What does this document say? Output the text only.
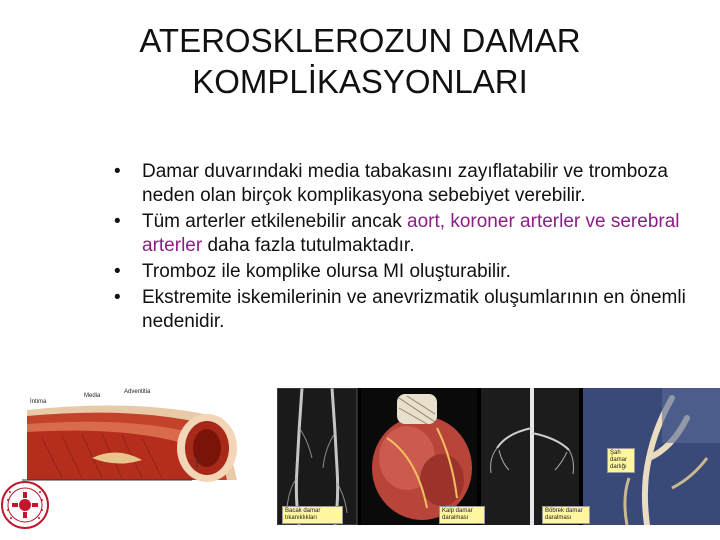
ATEROSKLEROZUN DAMAR
KOMPLİKASYONLARI
• Damar duvarındaki media tabakasını zayıflatabilir ve tromboza neden olan birçok komplikasyona sebebiyet verebilir.
• Tüm arterler etkilenebilir ancak aort, koroner arterler ve serebral arterler daha fazla tutulmaktadır.
• Tromboz ile komplike olursa MI oluşturabilir.
• Ekstremite iskemilerinin ve anevrizmatik oluşumlarının en önemli nedenidir.
İntima
Media
Adventitia
Bacak damar tıkanıklıkları
Kalp damar daralması
Böbrek damar daralması
Şah damar darlığı
